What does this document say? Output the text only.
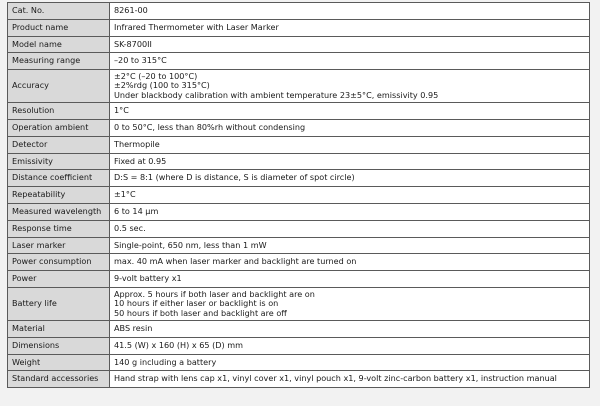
Cat. No.	8261-00

Product name	Infrared Thermometer with Laser Marker

Model name	SK-8700II

Measuring range	–20 to 315°C

Accuracy	±2°C (–20 to 100°C)
±2%rdg (100 to 315°C)
Under blackbody calibration with ambient temperature 23±5°C, emissivity 0.95

Resolution	1°C

Operation ambient	0 to 50°C, less than 80%rh without condensing

Detector	Thermopile

Emissivity	Fixed at 0.95

Distance coefficient	D:S = 8:1 (where D is distance, S is diameter of spot circle)

Repeatability	±1°C

Measured wavelength	6 to 14 µm

Response time	0.5 sec.

Laser marker	Single-point, 650 nm, less than 1 mW

Power consumption	max. 40 mA when laser marker and backlight are turned on

Power	9-volt battery x1

Battery life	Approx. 5 hours if both laser and backlight are on
10 hours if either laser or backlight is on
50 hours if both laser and backlight are off

Material	ABS resin

Dimensions	41.5 (W) x 160 (H) x 65 (D) mm

Weight	140 g including a battery

Standard accessories	Hand strap with lens cap x1, vinyl cover x1, vinyl pouch x1, 9-volt zinc-carbon battery x1, instruction manual
